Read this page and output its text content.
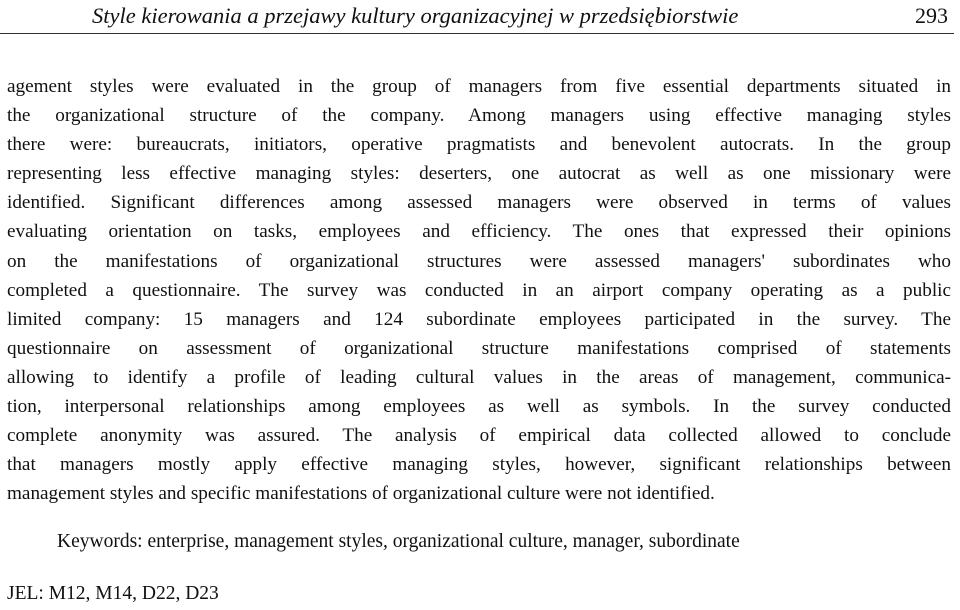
Style kierowania a przejawy kultury organizacyjnej w przedsiębiorstwie	293
agement styles were evaluated in the group of managers from five essential departments situated in
the organizational structure of the company. Among managers using effective managing styles
there were: bureaucrats, initiators, operative pragmatists and benevolent autocrats. In the group
representing less effective managing styles: deserters, one autocrat as well as one missionary were
identified. Significant differences among assessed managers were observed in terms of values
evaluating orientation on tasks, employees and efficiency. The ones that expressed their opinions
on the manifestations of organizational structures were assessed managers' subordinates who
completed a questionnaire. The survey was conducted in an airport company operating as a public
limited company: 15 managers and 124 subordinate employees participated in the survey. The
questionnaire on assessment of organizational structure manifestations comprised of statements
allowing to identify a profile of leading cultural values in the areas of management, communica-
tion, interpersonal relationships among employees as well as symbols. In the survey conducted
complete anonymity was assured. The analysis of empirical data collected allowed to conclude
that managers mostly apply effective managing styles, however, significant relationships between
management styles and specific manifestations of organizational culture were not identified.
Keywords: enterprise, management styles, organizational culture, manager, subordinate
JEL: M12, M14, D22, D23
